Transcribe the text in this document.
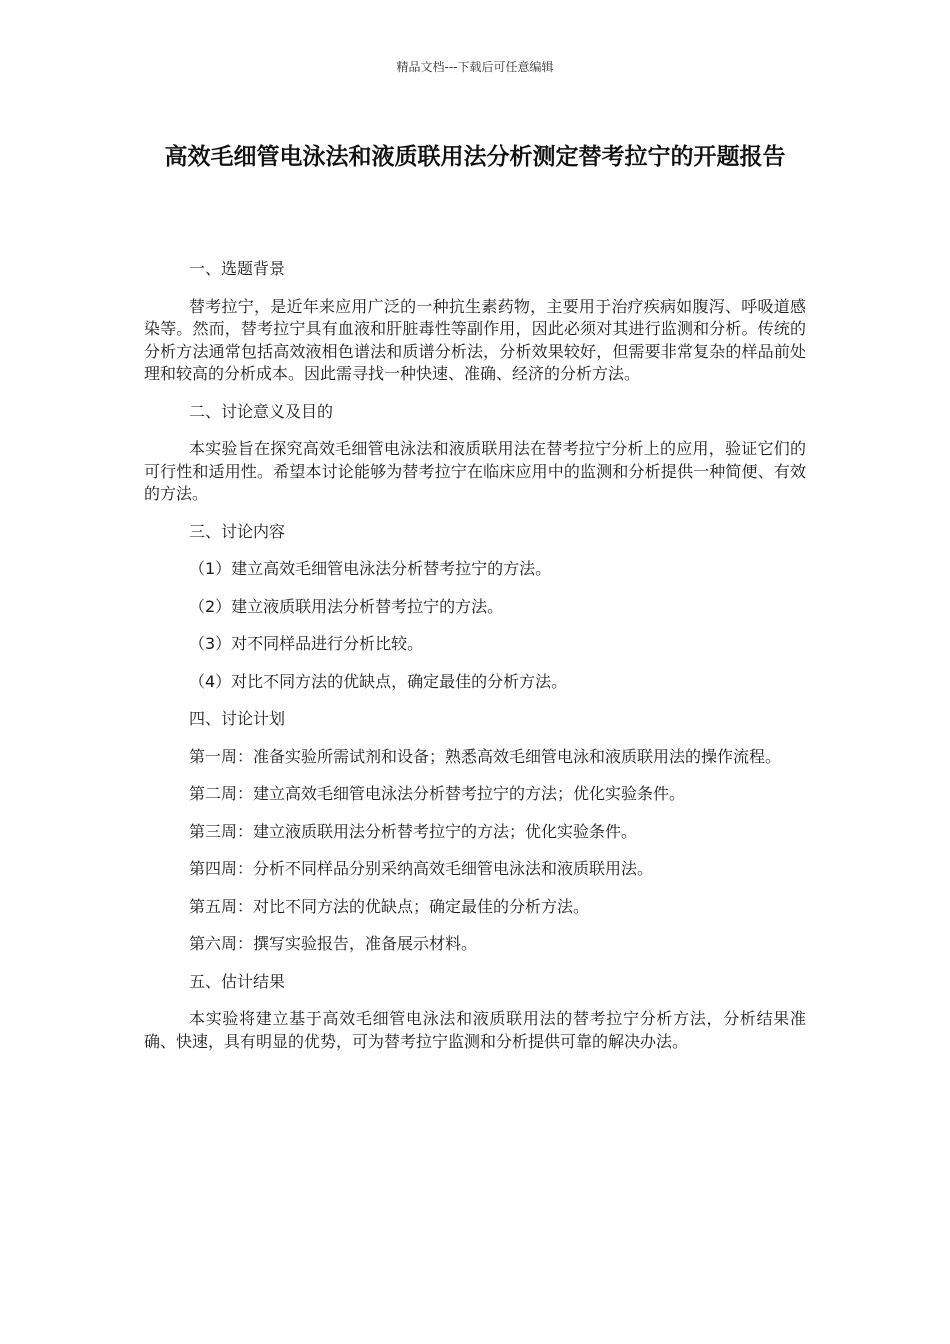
精品文档---下载后可任意编辑
高效毛细管电泳法和液质联用法分析测定替考拉宁的开题报告

一、选题背景

替考拉宁，是近年来应用广泛的一种抗生素药物，主要用于治疗疾病如腹泻、呼吸道感染等。然而，替考拉宁具有血液和肝脏毒性等副作用，因此必须对其进行监测和分析。传统的分析方法通常包括高效液相色谱法和质谱分析法，分析效果较好，但需要非常复杂的样品前处理和较高的分析成本。因此需寻找一种快速、准确、经济的分析方法。

二、讨论意义及目的

本实验旨在探究高效毛细管电泳法和液质联用法在替考拉宁分析上的应用，验证它们的可行性和适用性。希望本讨论能够为替考拉宁在临床应用中的监测和分析提供一种简便、有效的方法。

三、讨论内容

（1）建立高效毛细管电泳法分析替考拉宁的方法。

（2）建立液质联用法分析替考拉宁的方法。

（3）对不同样品进行分析比较。

（4）对比不同方法的优缺点，确定最佳的分析方法。

四、讨论计划

第一周：准备实验所需试剂和设备；熟悉高效毛细管电泳和液质联用法的操作流程。

第二周：建立高效毛细管电泳法分析替考拉宁的方法；优化实验条件。

第三周：建立液质联用法分析替考拉宁的方法；优化实验条件。

第四周：分析不同样品分别采纳高效毛细管电泳法和液质联用法。

第五周：对比不同方法的优缺点；确定最佳的分析方法。

第六周：撰写实验报告，准备展示材料。

五、估计结果

本实验将建立基于高效毛细管电泳法和液质联用法的替考拉宁分析方法，分析结果准确、快速，具有明显的优势，可为替考拉宁监测和分析提供可靠的解决办法。
